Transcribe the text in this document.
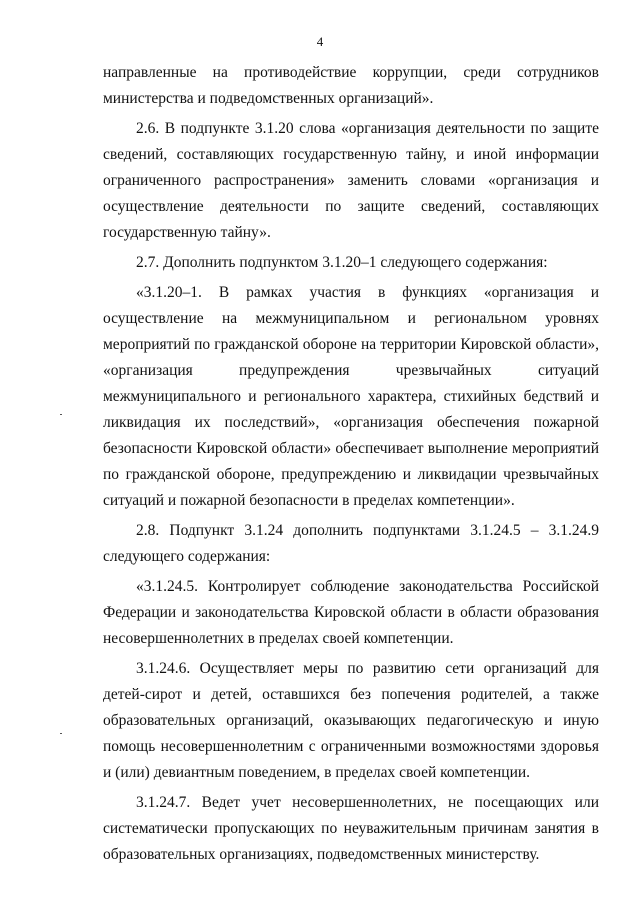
4

направленные на противодействие коррупции, среди сотрудников министерства и подведомственных организаций».

2.6. В подпункте 3.1.20 слова «организация деятельности по защите сведений, составляющих государственную тайну, и иной информации ограниченного распространения» заменить словами «организация и осуществление деятельности по защите сведений, составляющих государственную тайну».

2.7. Дополнить подпунктом 3.1.20–1 следующего содержания:

«3.1.20–1. В рамках участия в функциях «организация и осуществление на межмуниципальном и региональном уровнях мероприятий по гражданской обороне на территории Кировской области», «организация предупреждения чрезвычайных ситуаций межмуниципального и регионального характера, стихийных бедствий и ликвидация их последствий», «организация обеспечения пожарной безопасности Кировской области» обеспечивает выполнение мероприятий по гражданской обороне, предупреждению и ликвидации чрезвычайных ситуаций и пожарной безопасности в пределах компетенции».

2.8. Подпункт 3.1.24 дополнить подпунктами 3.1.24.5 – 3.1.24.9 следующего содержания:

«3.1.24.5. Контролирует соблюдение законодательства Российской Федерации и законодательства Кировской области в области образования несовершеннолетних в пределах своей компетенции.

3.1.24.6. Осуществляет меры по развитию сети организаций для детей-сирот и детей, оставшихся без попечения родителей, а также образовательных организаций, оказывающих педагогическую и иную помощь несовершеннолетним с ограниченными возможностями здоровья и (или) девиантным поведением, в пределах своей компетенции.

3.1.24.7. Ведет учет несовершеннолетних, не посещающих или систематически пропускающих по неуважительным причинам занятия в образовательных организациях, подведомственных министерству.
